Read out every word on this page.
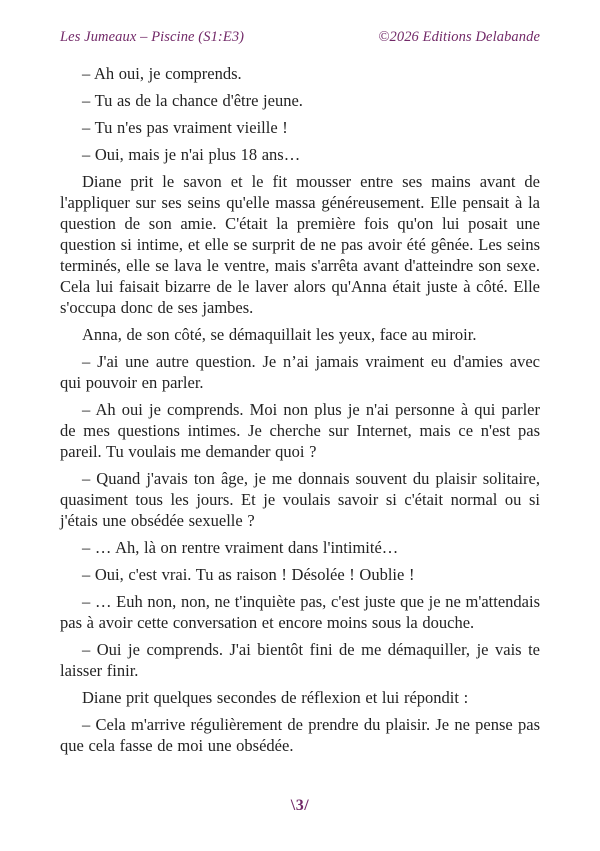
Les Jumeaux – Piscine (S1:E3)	©2026 Editions Delabande

– Ah oui, je comprends.

– Tu as de la chance d'être jeune.

– Tu n'es pas vraiment vieille !

– Oui, mais je n'ai plus 18 ans…

Diane prit le savon et le fit mousser entre ses mains avant de l'appliquer sur ses seins qu'elle massa généreusement. Elle pensait à la question de son amie. C'était la première fois qu'on lui posait une question si intime, et elle se surprit de ne pas avoir été gênée. Les seins terminés, elle se lava le ventre, mais s'arrêta avant d'atteindre son sexe. Cela lui faisait bizarre de le laver alors qu'Anna était juste à côté. Elle s'occupa donc de ses jambes.

Anna, de son côté, se démaquillait les yeux, face au miroir.

– J'ai une autre question. Je n’ai jamais vraiment eu d'amies avec qui pouvoir en parler.

– Ah oui je comprends. Moi non plus je n'ai personne à qui parler de mes questions intimes. Je cherche sur Internet, mais ce n'est pas pareil. Tu voulais me demander quoi ?

– Quand j'avais ton âge, je me donnais souvent du plaisir solitaire, quasiment tous les jours. Et je voulais savoir si c'était normal ou si j'étais une obsédée sexuelle ?

– … Ah, là on rentre vraiment dans l'intimité…

– Oui, c'est vrai. Tu as raison ! Désolée ! Oublie !

– … Euh non, non, ne t'inquiète pas, c'est juste que je ne m'attendais pas à avoir cette conversation et encore moins sous la douche.

– Oui je comprends. J'ai bientôt fini de me démaquiller, je vais te laisser finir.

Diane prit quelques secondes de réflexion et lui répondit :

– Cela m'arrive régulièrement de prendre du plaisir. Je ne pense pas que cela fasse de moi une obsédée.

\3/
